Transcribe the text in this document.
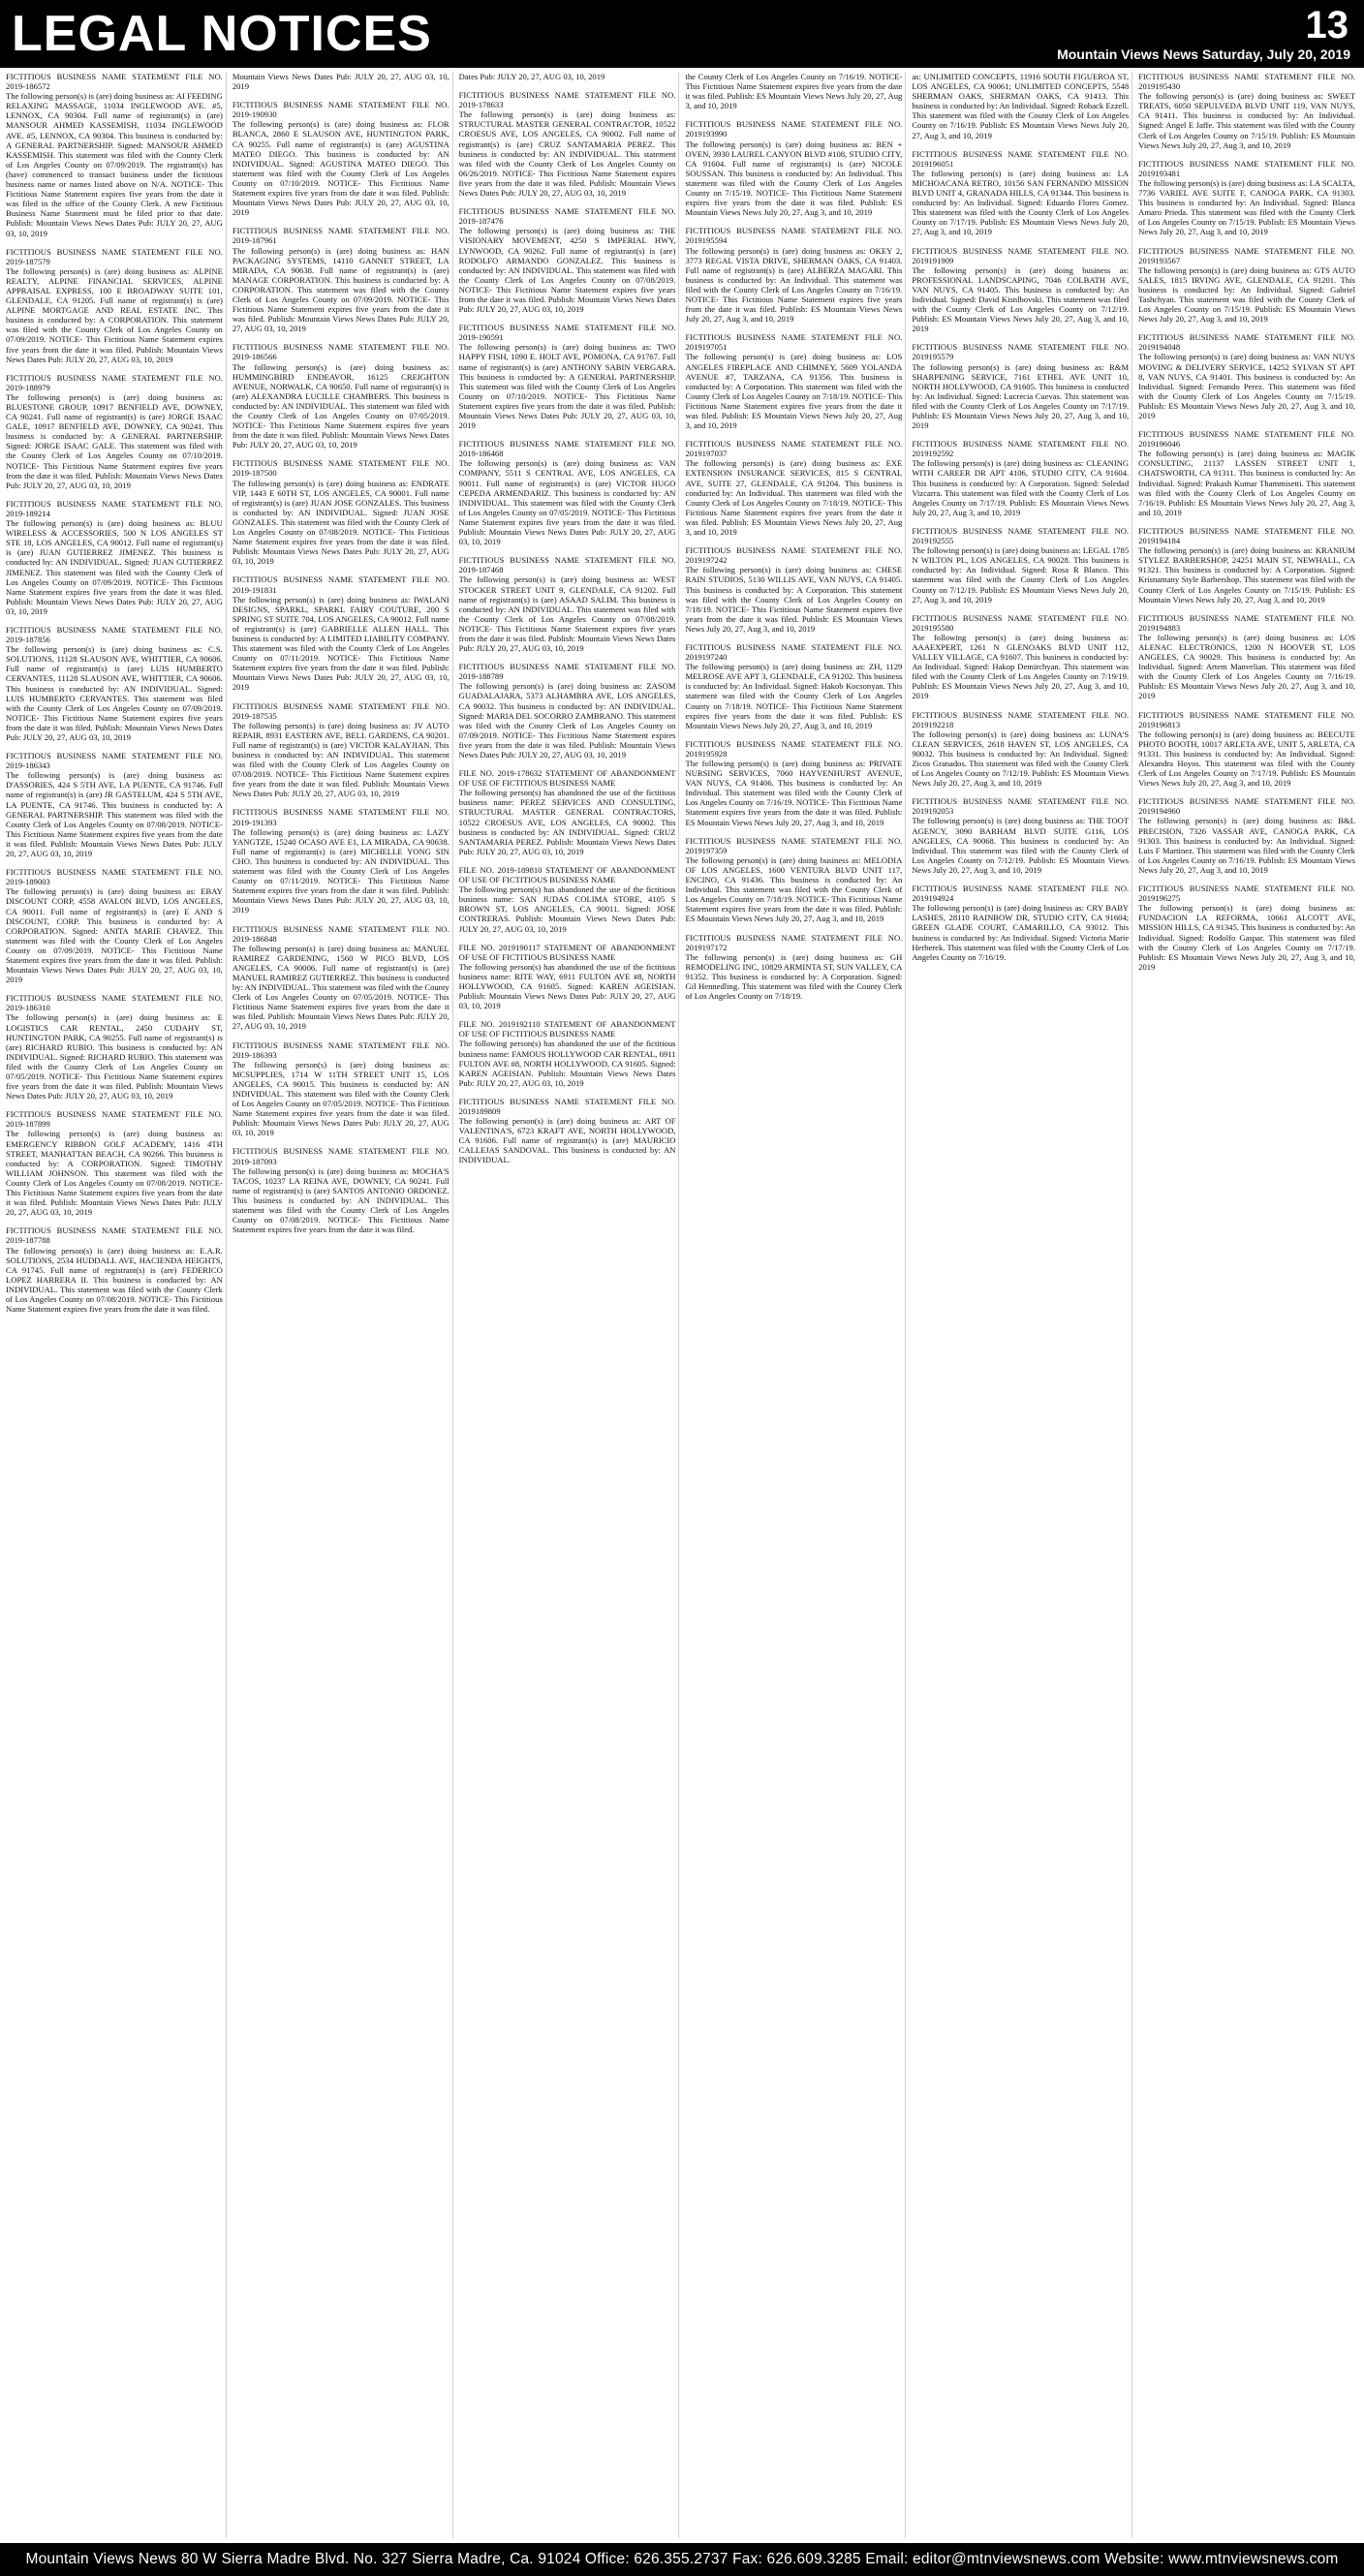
LEGAL NOTICES	13
Mountain Views News Saturday, July 20, 2019
FICTITIOUS BUSINESS NAME STATEMENT FILE NO. 2019-186572
The following person(s) is (are) doing business as: AI FEEDING RELAXING MASSAGE, 11034 INGLEWOOD AVE. #5, LENNOX, CA 90304. Full name of registrant(s) is (are) MANSOUR AHMED KASSEMISH, 11034 INGLEWOOD AVE. #5, LENNOX, CA 90304. This business is conducted by: A GENERAL PARTNERSHIP. Signed: MANSOUR AHMED KASSEMISH. This statement was filed with the County Clerk of Los Angeles County on 07/09/2019. The registrant(s) has (have) commenced to transact business under the fictitious business name or names listed above on N/A. NOTICE- This Fictitious Name Statement expires five years from the date it was filed in the office of the County Clerk. A new Fictitious Business Name Statement must be filed prior to that date. Publish: Mountain Views News Dates Pub: JULY 20, 27, AUG 03, 10, 2019
FICTITIOUS BUSINESS NAME STATEMENT FILE NO. 2019-187579
The following person(s) is (are) doing business as: ALPINE REALTY, ALPINE FINANCIAL SERVICES, ALPINE APPRAISAL EXPRESS, 100 E BROADWAY SUITE 101, GLENDALE, CA 91205. Full name of registrant(s) is (are) ALPINE MORTGAGE AND REAL ESTATE INC. This business is conducted by: A CORPORATION. This statement was filed with the County Clerk of Los Angeles County on 07/09/2019. NOTICE- This Fictitious Name Statement expires five years from the date it was filed. Publish: Mountain Views News Dates Pub: JULY 20, 27, AUG 03, 10, 2019
FICTITIOUS BUSINESS NAME STATEMENT FILE NO. 2019-188979
The following person(s) is (are) doing business as: BLUESTONE GROUP, 10917 BENFIELD AVE, DOWNEY, CA 90241. Full name of registrant(s) is (are) JORGE ISAAC GALE, 10917 BENFIELD AVE, DOWNEY, CA 90241. This business is conducted by: A GENERAL PARTNERSHIP. Signed: JORGE ISAAC GALE. This statement was filed with the County Clerk of Los Angeles County on 07/10/2019. NOTICE- This Fictitious Name Statement expires five years from the date it was filed. Publish: Mountain Views News Dates Pub: JULY 20, 27, AUG 03, 10, 2019
FICTITIOUS BUSINESS NAME STATEMENT FILE NO. 2019-189214
The following person(s) is (are) doing business as: BLUU WIRELESS & ACCESSORIES, 500 N LOS ANGELES ST STE 18, LOS ANGELES, CA 90012. Full name of registrant(s) is (are) JUAN GUTIERREZ JIMENEZ. This business is conducted by: AN INDIVIDUAL. Signed: JUAN GUTIERREZ JIMENEZ. This statement was filed with the County Clerk of Los Angeles County on 07/09/2019. NOTICE- This Fictitious Name Statement expires five years from the date it was filed. Publish: Mountain Views News Dates Pub: JULY 20, 27, AUG 03, 10, 2019
FICTITIOUS BUSINESS NAME STATEMENT FILE NO. 2019-187856
The following person(s) is (are) doing business as: C.S. SOLUTIONS, 11128 SLAUSON AVE, WHITTIER, CA 90606. Full name of registrant(s) is (are) LUIS HUMBERTO CERVANTES, 11128 SLAUSON AVE, WHITTIER, CA 90606. This business is conducted by: AN INDIVIDUAL. Signed: LUIS HUMBERTO CERVANTES. This statement was filed with the County Clerk of Los Angeles County on 07/09/2019. NOTICE- This Fictitious Name Statement expires five years from the date it was filed. Publish: Mountain Views News Dates Pub: JULY 20, 27, AUG 03, 10, 2019
FICTITIOUS BUSINESS NAME STATEMENT FILE NO. 2019-186343
The following person(s) is (are) doing business as: D'ASSORIES, 424 S 5TH AVE, LA PUENTE, CA 91746. Full name of registrant(s) is (are) JR GASTELUM, 424 S 5TH AVE, LA PUENTE, CA 91746. This business is conducted by: A GENERAL PARTNERSHIP. This statement was filed with the County Clerk of Los Angeles County on 07/08/2019. NOTICE- This Fictitious Name Statement expires five years from the date it was filed. Publish: Mountain Views News Dates Pub: JULY 20, 27, AUG 03, 10, 2019
FICTITIOUS BUSINESS NAME STATEMENT FILE NO. 2019-189003
The following person(s) is (are) doing business as: EBAY DISCOUNT CORP, 4558 AVALON BLVD, LOS ANGELES, CA 90011. Full name of registrant(s) is (are) E AND S DISCOUNT, CORP. This business is conducted by: A CORPORATION. Signed: ANITA MARIE CHAVEZ. This statement was filed with the County Clerk of Los Angeles County on 07/09/2019. NOTICE- This Fictitious Name Statement expires five years from the date it was filed. Publish: Mountain Views News Dates Pub: JULY 20, 27, AUG 03, 10, 2019
FICTITIOUS BUSINESS NAME STATEMENT FILE NO. 2019-186310
The following person(s) is (are) doing business as: E LOGISTICS CAR RENTAL, 2450 CUDAHY ST, HUNTINGTON PARK, CA 90255. Full name of registrant(s) is (are) RICHARD RUBIO. This business is conducted by: AN INDIVIDUAL. Signed: RICHARD RUBIO. This statement was filed with the County Clerk of Los Angeles County on 07/05/2019. NOTICE- This Fictitious Name Statement expires five years from the date it was filed. Publish: Mountain Views News Dates Pub: JULY 20, 27, AUG 03, 10, 2019
FICTITIOUS BUSINESS NAME STATEMENT FILE NO. 2019-187899
The following person(s) is (are) doing business as: EMERGENCY RIBBON GOLF ACADEMY, 1416 4TH STREET, MANHATTAN BEACH, CA 90266. This business is conducted by: A CORPORATION. Signed: TIMOTHY WILLIAM JOHNSON. This statement was filed with the County Clerk of Los Angeles County on 07/08/2019. NOTICE- This Fictitious Name Statement expires five years from the date it was filed. Publish: Mountain Views News Dates Pub: JULY 20, 27, AUG 03, 10, 2019
FICTITIOUS BUSINESS NAME STATEMENT FILE NO. 2019-187788
The following person(s) is (are) doing business as: E.A.R. SOLUTIONS, 2534 HUDDALL AVE, HACIENDA HEIGHTS, CA 91745. Full name of registrant(s) is (are) FEDERICO LOPEZ HARRERA II. This business is conducted by: AN INDIVIDUAL. This statement was filed with the County Clerk of Los Angeles County on 07/08/2019. NOTICE- This Fictitious Name Statement expires five years from the date it was filed.
Mountain Views News Dates Pub: JULY 20, 27, AUG 03, 10, 2019
FICTITIOUS BUSINESS NAME STATEMENT FILE NO. 2019-190930
The following person(s) is (are) doing business as: FLOR BLANCA, 2860 E SLAUSON AVE, HUNTINGTON PARK, CA 90255. Full name of registrant(s) is (are) AGUSTINA MATEO DIEGO. This business is conducted by: AN INDIVIDUAL. Signed: AGUSTINA MATEO DIEGO. This statement was filed with the County Clerk of Los Angeles County on 07/10/2019. NOTICE- This Fictitious Name Statement expires five years from the date it was filed. Publish: Mountain Views News Dates Pub: JULY 20, 27, AUG 03, 10, 2019
FICTITIOUS BUSINESS NAME STATEMENT FILE NO. 2019-187961
The following person(s) is (are) doing business as: HAN PACKAGING SYSTEMS, 14110 GANNET STREET, LA MIRADA, CA 90638. Full name of registrant(s) is (are) MANAGE CORPORATION. This business is conducted by: A CORPORATION. This statement was filed with the County Clerk of Los Angeles County on 07/09/2019. NOTICE- This Fictitious Name Statement expires five years from the date it was filed. Publish: Mountain Views News Dates Pub: JULY 20, 27, AUG 03, 10, 2019
FICTITIOUS BUSINESS NAME STATEMENT FILE NO. 2019-186566
The following person(s) is (are) doing business as: HUMMINGBIRD ENDEAVOR, 16125 CREIGHTON AVENUE, NORWALK, CA 90650. Full name of registrant(s) is (are) ALEXANDRA LUCILLE CHAMBERS. This business is conducted by: AN INDIVIDUAL. This statement was filed with the County Clerk of Los Angeles County on 07/05/2019. NOTICE- This Fictitious Name Statement expires five years from the date it was filed. Publish: Mountain Views News Dates Pub: JULY 20, 27, AUG 03, 10, 2019
FICTITIOUS BUSINESS NAME STATEMENT FILE NO. 2019-187500
The following person(s) is (are) doing business as: ENDRATE VIP, 1443 E 60TH ST, LOS ANGELES, CA 90001. Full name of registrant(s) is (are) JUAN JOSE GONZALES. This business is conducted by: AN INDIVIDUAL. Signed: JUAN JOSE GONZALES. This statement was filed with the County Clerk of Los Angeles County on 07/08/2019. NOTICE- This Fictitious Name Statement expires five years from the date it was filed. Publish: Mountain Views News Dates Pub: JULY 20, 27, AUG 03, 10, 2019
FICTITIOUS BUSINESS NAME STATEMENT FILE NO. 2019-191831
The following person(s) is (are) doing business as: IWALANI DESIGNS, SPARKL, SPARKL FAIRY COUTURE, 200 S SPRING ST SUITE 704, LOS ANGELES, CA 90012. Full name of registrant(s) is (are) GABRIELLE ALLEN HALL. This business is conducted by: A LIMITED LIABILITY COMPANY. This statement was filed with the County Clerk of Los Angeles County on 07/11/2019. NOTICE- This Fictitious Name Statement expires five years from the date it was filed. Publish: Mountain Views News Dates Pub: JULY 20, 27, AUG 03, 10, 2019
FICTITIOUS BUSINESS NAME STATEMENT FILE NO. 2019-187535
The following person(s) is (are) doing business as: JV AUTO REPAIR, 8931 EASTERN AVE, BELL GARDENS, CA 90201. Full name of registrant(s) is (are) VICTOR KALAYJIAN. This business is conducted by: AN INDIVIDUAL. This statement was filed with the County Clerk of Los Angeles County on 07/08/2019. NOTICE- This Fictitious Name Statement expires five years from the date it was filed. Publish: Mountain Views News Dates Pub: JULY 20, 27, AUG 03, 10, 2019
FICTITIOUS BUSINESS NAME STATEMENT FILE NO. 2019-191393
The following person(s) is (are) doing business as: LAZY YANGTZE, 15240 OCASO AVE E1, LA MIRADA, CA 90638. Full name of registrant(s) is (are) MICHELLE YONG SIN CHO. This business is conducted by: AN INDIVIDUAL. This statement was filed with the County Clerk of Los Angeles County on 07/11/2019. NOTICE- This Fictitious Name Statement expires five years from the date it was filed. Publish: Mountain Views News Dates Pub: JULY 20, 27, AUG 03, 10, 2019
FICTITIOUS BUSINESS NAME STATEMENT FILE NO. 2019-186848
The following person(s) is (are) doing business as: MANUEL RAMIREZ GARDENING, 1560 W PICO BLVD, LOS ANGELES, CA 90006. Full name of registrant(s) is (are) MANUEL RAMIREZ GUTIERREZ. This business is conducted by: AN INDIVIDUAL. This statement was filed with the County Clerk of Los Angeles County on 07/05/2019. NOTICE- This Fictitious Name Statement expires five years from the date it was filed. Publish: Mountain Views News Dates Pub: JULY 20, 27, AUG 03, 10, 2019
FICTITIOUS BUSINESS NAME STATEMENT FILE NO. 2019-186393
The following person(s) is (are) doing business as: MCSUPPLIES, 1714 W 11TH STREET UNIT 15, LOS ANGELES, CA 90015. This business is conducted by: AN INDIVIDUAL. This statement was filed with the County Clerk of Los Angeles County on 07/05/2019. NOTICE- This Fictitious Name Statement expires five years from the date it was filed. Publish: Mountain Views News Dates Pub: JULY 20, 27, AUG 03, 10, 2019
FICTITIOUS BUSINESS NAME STATEMENT FILE NO. 2019-187093
The following person(s) is (are) doing business as: MOCHA'S TACOS, 10237 LA REINA AVE, DOWNEY, CA 90241. Full name of registrant(s) is (are) SANTOS ANTONIO ORDONEZ. This business is conducted by: AN INDIVIDUAL. This statement was filed with the County Clerk of Los Angeles County on 07/08/2019. NOTICE- This Fictitious Name Statement expires five years from the date it was filed.
Dates Pub: JULY 20, 27, AUG 03, 10, 2019
FICTITIOUS BUSINESS NAME STATEMENT FILE NO. 2019-178633
The following person(s) is (are) doing business as: STRUCTURAL MASTER GENERAL CONTRACTOR, 10522 CROESUS AVE, LOS ANGELES, CA 90002. Full name of registrant(s) is (are) CRUZ SANTAMARIA PEREZ. This business is conducted by: AN INDIVIDUAL. This statement was filed with the County Clerk of Los Angeles County on 06/26/2019. NOTICE- This Fictitious Name Statement expires five years from the date it was filed. Publish: Mountain Views News Dates Pub: JULY 20, 27, AUG 03, 10, 2019
FICTITIOUS BUSINESS NAME STATEMENT FILE NO. 2019-187476
The following person(s) is (are) doing business as: THE VISIONARY MOVEMENT, 4250 S IMPERIAL HWY, LYNWOOD, CA 90262. Full name of registrant(s) is (are) RODOLFO ARMANDO GONZALEZ. This business is conducted by: AN INDIVIDUAL. This statement was filed with the County Clerk of Los Angeles County on 07/08/2019. NOTICE- This Fictitious Name Statement expires five years from the date it was filed. Publish: Mountain Views News Dates Pub: JULY 20, 27, AUG 03, 10, 2019
FICTITIOUS BUSINESS NAME STATEMENT FILE NO. 2019-190591
The following person(s) is (are) doing business as: TWO HAPPY FISH, 1090 E. HOLT AVE, POMONA, CA 91767. Full name of registrant(s) is (are) ANTHONY SABIN VERGARA. This business is conducted by: A GENERAL PARTNERSHIP. This statement was filed with the County Clerk of Los Angeles County on 07/10/2019. NOTICE- This Fictitious Name Statement expires five years from the date it was filed. Publish: Mountain Views News Dates Pub: JULY 20, 27, AUG 03, 10, 2019
FICTITIOUS BUSINESS NAME STATEMENT FILE NO. 2019-186468
The following person(s) is (are) doing business as: VAN COMPANY, 5511 S CENTRAL AVE, LOS ANGELES, CA 90011. Full name of registrant(s) is (are) VICTOR HUGO CEPEDA ARMENDARIZ. This business is conducted by: AN INDIVIDUAL. This statement was filed with the County Clerk of Los Angeles County on 07/05/2019. NOTICE- This Fictitious Name Statement expires five years from the date it was filed. Publish: Mountain Views News Dates Pub: JULY 20, 27, AUG 03, 10, 2019
FICTITIOUS BUSINESS NAME STATEMENT FILE NO. 2019-187468
The following person(s) is (are) doing business as: WEST STOCKER STREET UNIT 9, GLENDALE, CA 91202. Full name of registrant(s) is (are) ASAAD SALIM. This business is conducted by: AN INDIVIDUAL. This statement was filed with the County Clerk of Los Angeles County on 07/08/2019. NOTICE- This Fictitious Name Statement expires five years from the date it was filed. Publish: Mountain Views News Dates Pub: JULY 20, 27, AUG 03, 10, 2019
FICTITIOUS BUSINESS NAME STATEMENT FILE NO. 2019-188789
The following person(s) is (are) doing business as: ZASOM GUADALAJARA, 5373 ALHAMBRA AVE, LOS ANGELES, CA 90032. This business is conducted by: AN INDIVIDUAL. Signed: MARIA DEL SOCORRO ZAMBRANO. This statement was filed with the County Clerk of Los Angeles County on 07/09/2019. NOTICE- This Fictitious Name Statement expires five years from the date it was filed. Publish: Mountain Views News Dates Pub: JULY 20, 27, AUG 03, 10, 2019
FILE NO. 2019-178632 STATEMENT OF ABANDONMENT OF USE OF FICTITIOUS BUSINESS NAME
The following person(s) has abandoned the use of the fictitious business name: PEREZ SERVICES AND CONSULTING, STRUCTURAL MASTER GENERAL CONTRACTORS, 10522 CROESUS AVE, LOS ANGELES, CA 90002. This business is conducted by: AN INDIVIDUAL. Signed: CRUZ SANTAMARIA PEREZ. Publish: Mountain Views News Dates Pub: JULY 20, 27, AUG 03, 10, 2019
FILE NO. 2019-189810 STATEMENT OF ABANDONMENT OF USE OF FICTITIOUS BUSINESS NAME
The following person(s) has abandoned the use of the fictitious business name: SAN JUDAS COLIMA STORE, 4105 S BROWN ST, LOS ANGELES, CA 90011. Signed: JOSE CONTRERAS. Publish: Mountain Views News Dates Pub: JULY 20, 27, AUG 03, 10, 2019
FILE NO. 2019190117 STATEMENT OF ABANDONMENT OF USE OF FICTITIOUS BUSINESS NAME
The following person(s) has abandoned the use of the fictitious business name: RITE WAY, 6911 FULTON AVE #8, NORTH HOLLYWOOD, CA 91605. Signed: KAREN AGEISIAN. Publish: Mountain Views News Dates Pub: JULY 20, 27, AUG 03, 10, 2019
FILE NO. 2019192110 STATEMENT OF ABANDONMENT OF USE OF FICTITIOUS BUSINESS NAME
The following person(s) has abandoned the use of the fictitious business name: FAMOUS HOLLYWOOD CAR RENTAL, 6911 FULTON AVE #8, NORTH HOLLYWOOD, CA 91605. Signed: KAREN AGEISIAN. Publish: Mountain Views News Dates Pub: JULY 20, 27, AUG 03, 10, 2019
FICTITIOUS BUSINESS NAME STATEMENT FILE NO. 2019189809
The following person(s) is (are) doing business as: ART OF VALENTINA'S, 6723 KRAFT AVE, NORTH HOLLYWOOD, CA 91606. Full name of registrant(s) is (are) MAURICIO CALLEJAS SANDOVAL. This business is conducted by: AN INDIVIDUAL.
the County Clerk of Los Angeles County on 7/16/19. NOTICE- This Fictitious Name Statement expires five years from the date it was filed. Publish: ES Mountain Views News July 20, 27, Aug 3, and 10, 2019
FICTITIOUS BUSINESS NAME STATEMENT FILE NO. 2019193990
The following person(s) is (are) doing business as: BEN + OVEN, 3930 LAUREL CANYON BLVD #108, STUDIO CITY, CA 91604. Full name of registrant(s) is (are) NICOLE SOUSSAN. This business is conducted by: An Individual. This statement was filed with the County Clerk of Los Angeles County on 7/15/19. NOTICE- This Fictitious Name Statement expires five years from the date it was filed. Publish: ES Mountain Views News July 20, 27, Aug 3, and 10, 2019
FICTITIOUS BUSINESS NAME STATEMENT FILE NO. 2019195594
The following person(s) is (are) doing business as: OKEY 2, 3773 REGAL VISTA DRIVE, SHERMAN OAKS, CA 91403. Full name of registrant(s) is (are) ALBERZA MAGARI. This business is conducted by: An Individual. This statement was filed with the County Clerk of Los Angeles County on 7/16/19. NOTICE- This Fictitious Name Statement expires five years from the date it was filed. Publish: ES Mountain Views News July 20, 27, Aug 3, and 10, 2019
FICTITIOUS BUSINESS NAME STATEMENT FILE NO. 2019197051
The following person(s) is (are) doing business as: LOS ANGELES FIREPLACE AND CHIMNEY, 5609 YOLANDA AVENUE #7, TARZANA, CA 91356. This business is conducted by: A Corporation. This statement was filed with the County Clerk of Los Angeles County on 7/18/19. NOTICE- This Fictitious Name Statement expires five years from the date it was filed. Publish: ES Mountain Views News July 20, 27, Aug 3, and 10, 2019
FICTITIOUS BUSINESS NAME STATEMENT FILE NO. 2019197037
The following person(s) is (are) doing business as: EXE EXTENSION INSURANCE SERVICES, 815 S CENTRAL AVE, SUITE 27, GLENDALE, CA 91204. This business is conducted by: An Individual. This statement was filed with the County Clerk of Los Angeles County on 7/18/19. NOTICE- This Fictitious Name Statement expires five years from the date it was filed. Publish: ES Mountain Views News July 20, 27, Aug 3, and 10, 2019
FICTITIOUS BUSINESS NAME STATEMENT FILE NO. 2019197242
The following person(s) is (are) doing business as: CHESE RAIN STUDIOS, 5130 WILLIS AVE, VAN NUYS, CA 91405. This business is conducted by: A Corporation. This statement was filed with the County Clerk of Los Angeles County on 7/18/19. NOTICE- This Fictitious Name Statement expires five years from the date it was filed. Publish: ES Mountain Views News July 20, 27, Aug 3, and 10, 2019
FICTITIOUS BUSINESS NAME STATEMENT FILE NO. 2019197240
The following person(s) is (are) doing business as: ZH, 1129 MELROSE AVE APT 3, GLENDALE, CA 91202. This business is conducted by: An Individual. Signed: Hakob Kocsonyan. This statement was filed with the County Clerk of Los Angeles County on 7/18/19. NOTICE- This Fictitious Name Statement expires five years from the date it was filed. Publish: ES Mountain Views News July 20, 27, Aug 3, and 10, 2019
FICTITIOUS BUSINESS NAME STATEMENT FILE NO. 2019195928
The following person(s) is (are) doing business as: PRIVATE NURSING SERVICES, 7060 HAYVENHURST AVENUE, VAN NUYS, CA 91406. This business is conducted by: An Individual. This statement was filed with the County Clerk of Los Angeles County on 7/16/19. NOTICE- This Fictitious Name Statement expires five years from the date it was filed. Publish: ES Mountain Views News July 20, 27, Aug 3, and 10, 2019
FICTITIOUS BUSINESS NAME STATEMENT FILE NO. 2019197359
The following person(s) is (are) doing business as: MELODIA OF LOS ANGELES, 1600 VENTURA BLVD UNIT 117, ENCINO, CA 91436. This business is conducted by: An Individual. This statement was filed with the County Clerk of Los Angeles County on 7/18/19. NOTICE- This Fictitious Name Statement expires five years from the date it was filed. Publish: ES Mountain Views News July 20, 27, Aug 3, and 10, 2019
FICTITIOUS BUSINESS NAME STATEMENT FILE NO. 2019197172
The following person(s) is (are) doing business as: GH REMODELING INC, 10829 ARMINTA ST, SUN VALLEY, CA 91352. This business is conducted by: A Corporation. Signed: Gil Hennedling. This statement was filed with the County Clerk of Los Angeles County on 7/18/19.
as: UNLIMITED CONCEPTS, 11916 SOUTH FIGUEROA ST, LOS ANGELES, CA 90061; UNLIMITED CONCEPTS, 5548 SHERMAN OAKS, SHERMAN OAKS, CA 91413. This business is conducted by: An Individual. Signed: Roback Ezzell. This statement was filed with the County Clerk of Los Angeles County on 7/16/19. Publish: ES Mountain Views News July 20, 27, Aug 3, and 10, 2019
FICTITIOUS BUSINESS NAME STATEMENT FILE NO. 2019196051
The following person(s) is (are) doing business as: LA MICHOACANA RETRO, 10156 SAN FERNANDO MISSION BLVD UNIT 4, GRANADA HILLS, CA 91344. This business is conducted by: An Individual. Signed: Eduardo Flores Gomez. This statement was filed with the County Clerk of Los Angeles County on 7/17/19. Publish: ES Mountain Views News July 20, 27, Aug 3, and 10, 2019
FICTITIOUS BUSINESS NAME STATEMENT FILE NO. 2019191909
The following person(s) is (are) doing business as: PROFESSIONAL LANDSCAPING, 7046 COLBATH AVE, VAN NUYS, CA 91405. This business is conducted by: An Individual. Signed: David Kisnlbovski. This statement was filed with the County Clerk of Los Angeles County on 7/12/19. Publish: ES Mountain Views News July 20, 27, Aug 3, and 10, 2019
FICTITIOUS BUSINESS NAME STATEMENT FILE NO. 2019195579
The following person(s) is (are) doing business as: R&M SHARPENING SERVICE, 7161 ETHEL AVE UNIT 10, NORTH HOLLYWOOD, CA 91605. This business is conducted by: An Individual. Signed: Lucrecia Cuevas. This statement was filed with the County Clerk of Los Angeles County on 7/17/19. Publish: ES Mountain Views News July 20, 27, Aug 3, and 10, 2019
FICTITIOUS BUSINESS NAME STATEMENT FILE NO. 2019192592
The following person(s) is (are) doing business as: CLEANING WITH CAREER DR APT 4106, STUDIO CITY, CA 91604. This business is conducted by: A Corporation. Signed: Soledad Vizcarra. This statement was filed with the County Clerk of Los Angeles County on 7/17/19. Publish: ES Mountain Views News July 20, 27, Aug 3, and 10, 2019
FICTITIOUS BUSINESS NAME STATEMENT FILE NO. 2019192555
The following person(s) is (are) doing business as: LEGAL 1785 N WILTON PL, LOS ANGELES, CA 90028. This business is conducted by: An Individual. Signed: Rosa R Blanco. This statement was filed with the County Clerk of Los Angeles County on 7/12/19. Publish: ES Mountain Views News July 20, 27, Aug 3, and 10, 2019
FICTITIOUS BUSINESS NAME STATEMENT FILE NO. 2019195580
The following person(s) is (are) doing business as: AAAEXPERT, 1261 N GLENOAKS BLVD UNIT 112, VALLEY VILLAGE, CA 91607. This business is conducted by: An Individual. Signed: Hakop Demirchyan. This statement was filed with the County Clerk of Los Angeles County on 7/19/19. Publish: ES Mountain Views News July 20, 27, Aug 3, and 10, 2019
FICTITIOUS BUSINESS NAME STATEMENT FILE NO. 2019192218
The following person(s) is (are) doing business as: LUNA'S CLEAN SERVICES, 2618 HAVEN ST, LOS ANGELES, CA 90032. This business is conducted by: An Individual. Signed: Zicos Granados. This statement was filed with the County Clerk of Los Angeles County on 7/12/19. Publish: ES Mountain Views News July 20, 27, Aug 3, and 10, 2019
FICTITIOUS BUSINESS NAME STATEMENT FILE NO. 2019192053
The following person(s) is (are) doing business as: THE TOOT AGENCY, 3090 BARHAM BLVD SUITE G116, LOS ANGELES, CA 90068. This business is conducted by: An Individual. This statement was filed with the County Clerk of Los Angeles County on 7/12/19. Publish: ES Mountain Views News July 20, 27, Aug 3, and 10, 2019
FICTITIOUS BUSINESS NAME STATEMENT FILE NO. 2019194924
The following person(s) is (are) doing business as: CRY BABY LASHES, 28110 RAINBOW DR, STUDIO CITY, CA 91604; GREEN GLADE COURT, CAMARILLO, CA 93012. This business is conducted by: An Individual. Signed: Victoria Marie Herberek. This statement was filed with the County Clerk of Los Angeles County on 7/16/19.
FICTITIOUS BUSINESS NAME STATEMENT FILE NO. 2019195430
The following person(s) is (are) doing business as: SWEET TREATS, 6050 SEPULVEDA BLVD UNIT 119, VAN NUYS, CA 91411. This business is conducted by: An Individual. Signed: Angel E Jaffe. This statement was filed with the County Clerk of Los Angeles County on 7/15/19. Publish: ES Mountain Views News July 20, 27, Aug 3, and 10, 2019
FICTITIOUS BUSINESS NAME STATEMENT FILE NO. 2019193481
The following person(s) is (are) doing business as: LA SCALTA, 7736 VARIEL AVE SUITE F, CANOGA PARK, CA 91303. This business is conducted by: An Individual. Signed: Blanca Amaro Prieda. This statement was filed with the County Clerk of Los Angeles County on 7/15/19. Publish: ES Mountain Views News July 20, 27, Aug 3, and 10, 2019
FICTITIOUS BUSINESS NAME STATEMENT FILE NO. 2019193567
The following person(s) is (are) doing business as: GTS AUTO SALES, 1815 IRVING AVE, GLENDALE, CA 91201. This business is conducted by: An Individual. Signed: Gabriel Tashchyan. This statement was filed with the County Clerk of Los Angeles County on 7/15/19. Publish: ES Mountain Views News July 20, 27, Aug 3, and 10, 2019
FICTITIOUS BUSINESS NAME STATEMENT FILE NO. 2019194048
The following person(s) is (are) doing business as: VAN NUYS MOVING & DELIVERY SERVICE, 14252 SYLVAN ST APT 8, VAN NUYS, CA 91401. This business is conducted by: An Individual. Signed: Fernando Perez. This statement was filed with the County Clerk of Los Angeles County on 7/15/19. Publish: ES Mountain Views News July 20, 27, Aug 3, and 10, 2019
FICTITIOUS BUSINESS NAME STATEMENT FILE NO. 2019196046
The following person(s) is (are) doing business as: MAGIK CONSULTING, 21137 LASSEN STREET UNIT 1, CHATSWORTH, CA 91311. This business is conducted by: An Individual. Signed: Prakash Kumar Thammisetti. This statement was filed with the County Clerk of Los Angeles County on 7/16/19. Publish: ES Mountain Views News July 20, 27, Aug 3, and 10, 2019
FICTITIOUS BUSINESS NAME STATEMENT FILE NO. 2019194184
The following person(s) is (are) doing business as: KRANIUM STYLEZ BARBERSHOP, 24251 MAIN ST, NEWHALL, CA 91321. This business is conducted by: A Corporation. Signed: Krisnamany Style Barbershop. This statement was filed with the County Clerk of Los Angeles County on 7/15/19. Publish: ES Mountain Views News July 20, 27, Aug 3, and 10, 2019
FICTITIOUS BUSINESS NAME STATEMENT FILE NO. 2019194883
The following person(s) is (are) doing business as: LOS ALENAC ELECTRONICS, 1200 N HOOVER ST, LOS ANGELES, CA 90029. This business is conducted by: An Individual. Signed: Artem Manvelian. This statement was filed with the County Clerk of Los Angeles County on 7/16/19. Publish: ES Mountain Views News July 20, 27, Aug 3, and 10, 2019
FICTITIOUS BUSINESS NAME STATEMENT FILE NO. 2019196813
The following person(s) is (are) doing business as: BEECUTE PHOTO BOOTH, 10017 ARLETA AVE, UNIT 5, ARLETA, CA 91331. This business is conducted by: An Individual. Signed: Alexandra Hoyos. This statement was filed with the County Clerk of Los Angeles County on 7/17/19. Publish: ES Mountain Views News July 20, 27, Aug 3, and 10, 2019
FICTITIOUS BUSINESS NAME STATEMENT FILE NO. 2019194960
The following person(s) is (are) doing business as: B&L PRECISION, 7326 VASSAR AVE, CANOGA PARK, CA 91303. This business is conducted by: An Individual. Signed: Luis F Martinez. This statement was filed with the County Clerk of Los Angeles County on 7/16/19. Publish: ES Mountain Views News July 20, 27, Aug 3, and 10, 2019
FICTITIOUS BUSINESS NAME STATEMENT FILE NO. 2019196275
The following person(s) is (are) doing business as: FUNDACION LA REFORMA, 10661 ALCOTT AVE, MISSION HILLS, CA 91345. This business is conducted by: An Individual. Signed: Rodolfo Gaspar. This statement was filed with the County Clerk of Los Angeles County on 7/17/19. Publish: ES Mountain Views News July 20, 27, Aug 3, and 10, 2019
Mountain Views News 80 W Sierra Madre Blvd. No. 327 Sierra Madre, Ca. 91024 Office: 626.355.2737 Fax: 626.609.3285 Email: editor@mtnviewsnews.com Website: www.mtnviewsnews.com
